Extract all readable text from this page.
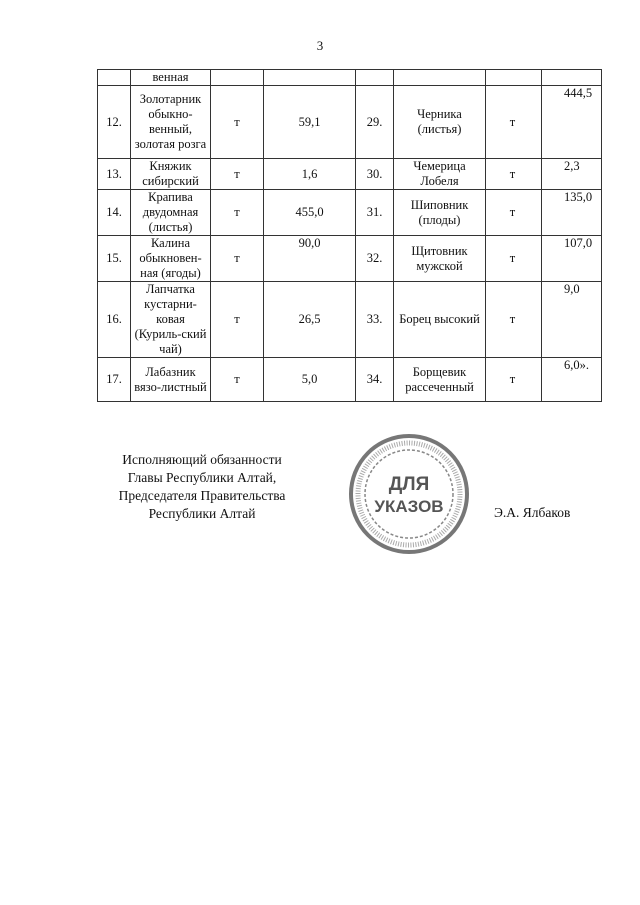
3
	венная						
12.	Золотарник обыкно-венный, золотая розга	т	59,1	29.	Черника (листья)	т	444,5
13.	Княжик сибирский	т	1,6	30.	Чемерица Лобеля	т	2,3
14.	Крапива двудомная (листья)	т	455,0	31.	Шиповник (плоды)	т	135,0
15.	Калина обыкновен-ная (ягоды)	т	90,0	32.	Щитовник мужской	т	107,0
16.	Лапчатка кустарни-ковая (Куриль-ский чай)	т	26,5	33.	Борец высокий	т	9,0
17.	Лабазник вязо-листный	т	5,0	34.	Борщевик рассеченный	т	6,0».
Исполняющий обязанности
Главы Республики Алтай,
Председателя Правительства
Республики Алтай	Э.А. Ялбаков
ДЛЯ
УКАЗОВ
